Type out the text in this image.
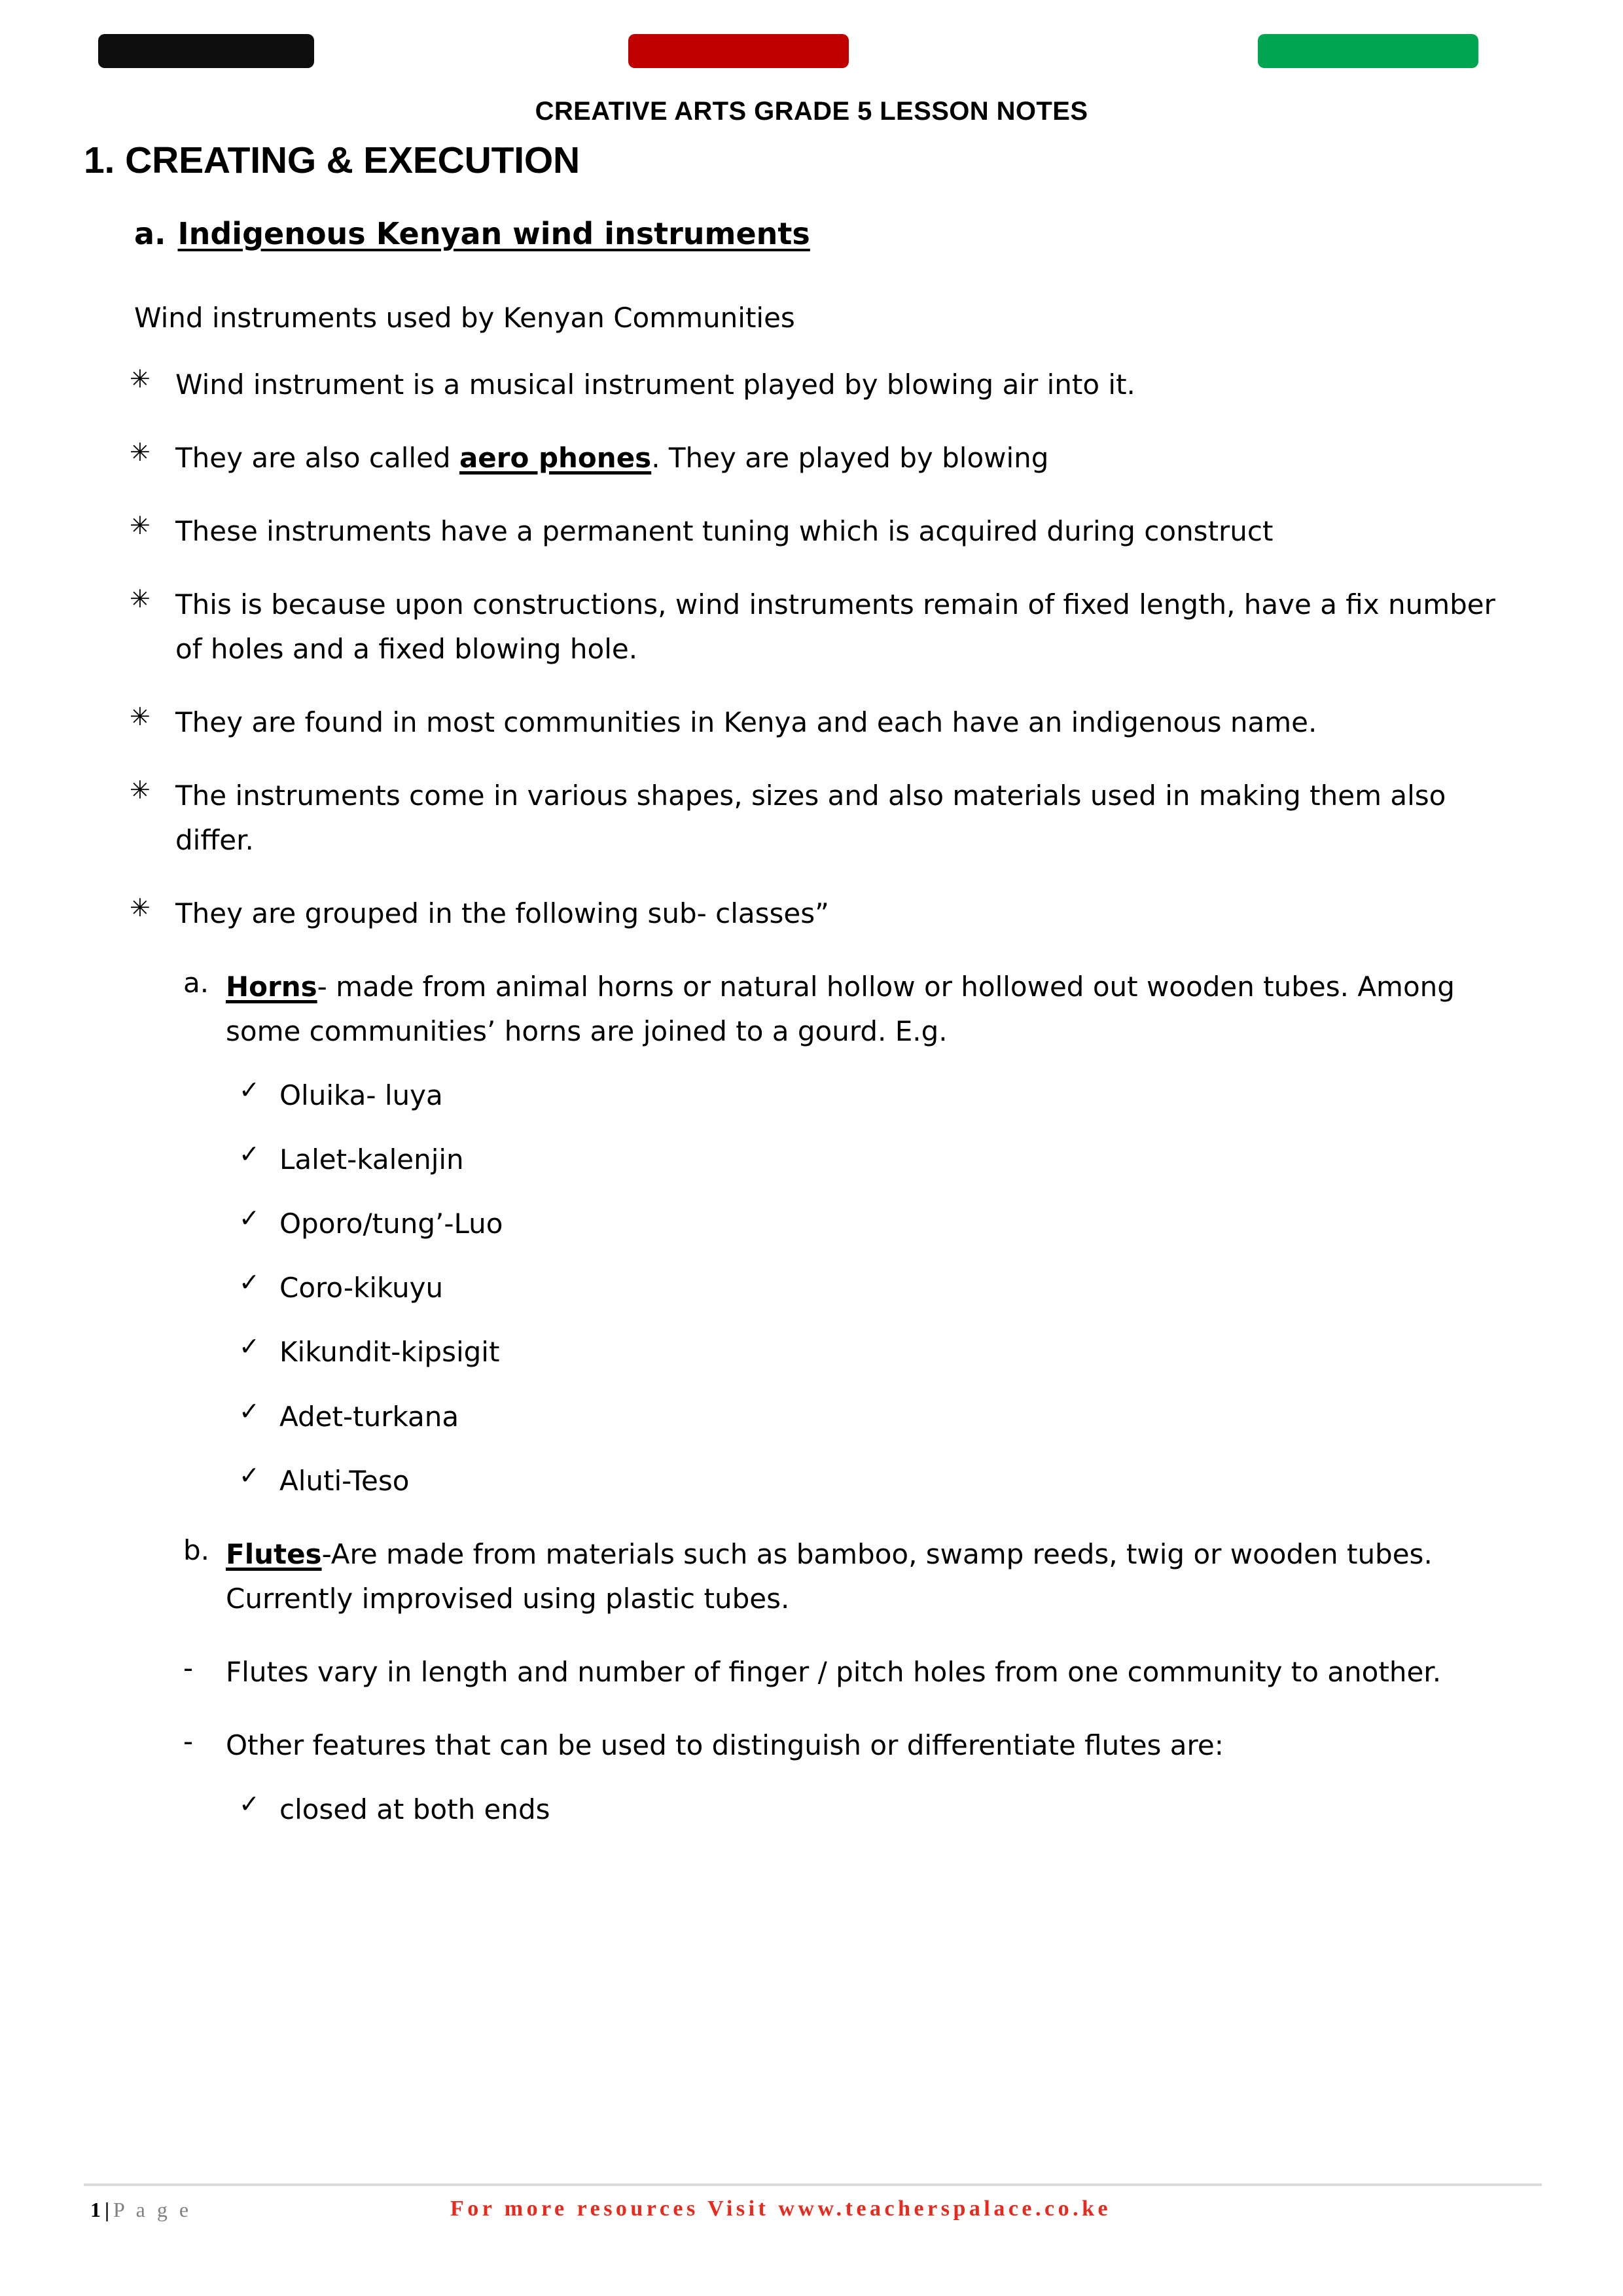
CREATIVE ARTS GRADE 5 LESSON NOTES
1. CREATING & EXECUTION
a. Indigenous Kenyan wind instruments
Wind instruments used by Kenyan Communities
✳ Wind instrument is a musical instrument played by blowing air into it.
✳ They are also called aero phones. They are played by blowing
✳ These instruments have a permanent tuning which is acquired during construct
✳ This is because upon constructions, wind instruments remain of fixed length, have a fix number of holes and a fixed blowing hole.
✳ They are found in most communities in Kenya and each have an indigenous name.
✳ The instruments come in various shapes, sizes and also materials used in making them also differ.
✳ They are grouped in the following sub- classes”
a. Horns- made from animal horns or natural hollow or hollowed out wooden tubes. Among some communities’ horns are joined to a gourd. E.g.
✓ Oluika- luya
✓ Lalet-kalenjin
✓ Oporo/tung’-Luo
✓ Coro-kikuyu
✓ Kikundit-kipsigit
✓ Adet-turkana
✓ Aluti-Teso
b. Flutes-Are made from materials such as bamboo, swamp reeds, twig or wooden tubes. Currently improvised using plastic tubes.
-	Flutes vary in length and number of finger / pitch holes from one community to another.
-	Other features that can be used to distinguish or differentiate flutes are:
✓ closed at both ends
1 | P a g e	For more resources Visit www.teacherspalace.co.ke
